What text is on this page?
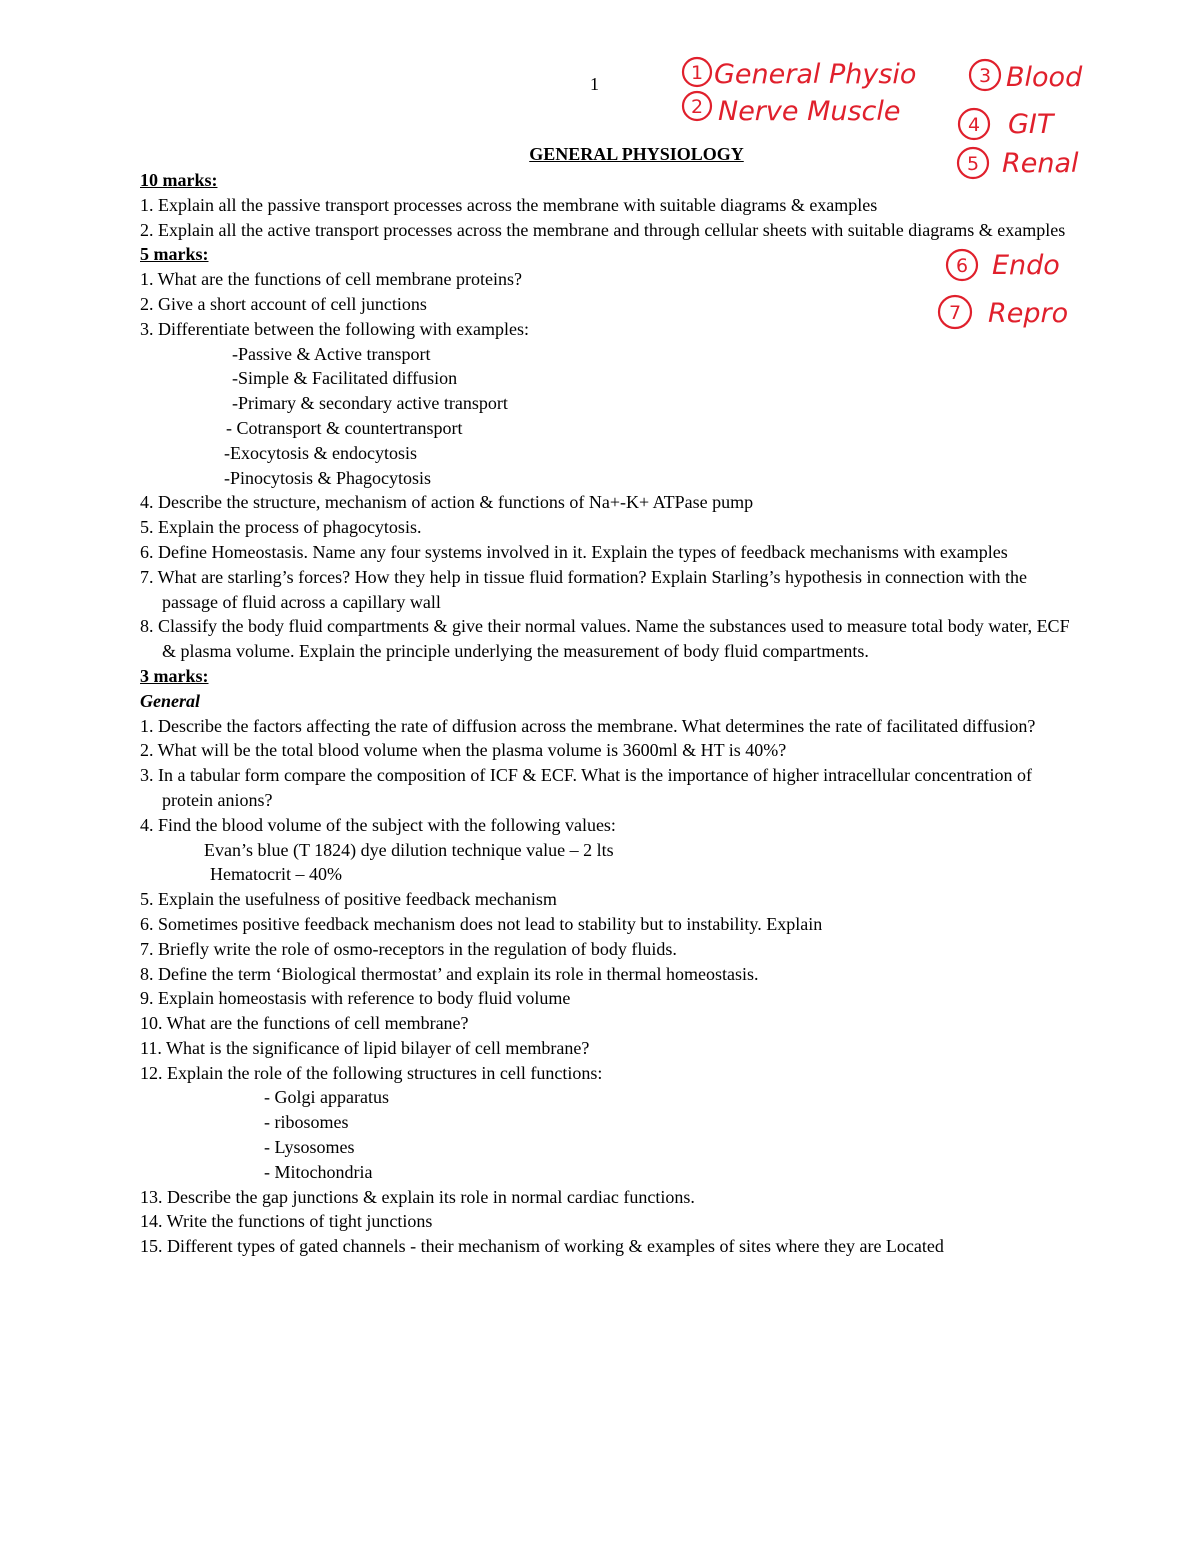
1	1 General Physio
2 Nerve Muscle
3 Blood
4 GIT
5 Renal
6 Endo
7 Repro
GENERAL PHYSIOLOGY
10 marks:
1. Explain all the passive transport processes across the membrane with suitable diagrams & examples
2. Explain all the active transport processes across the membrane and through cellular sheets with suitable diagrams & examples
5 marks:
1. What are the functions of cell membrane proteins?
2. Give a short account of cell junctions
3. Differentiate between the following with examples:
-Passive & Active transport
-Simple & Facilitated diffusion
-Primary & secondary active transport
- Cotransport & countertransport
-Exocytosis & endocytosis
-Pinocytosis & Phagocytosis
4. Describe the structure, mechanism of action & functions of Na+-K+ ATPase pump
5. Explain the process of phagocytosis.
6. Define Homeostasis. Name any four systems involved in it. Explain the types of feedback mechanisms with examples
7. What are starling’s forces? How they help in tissue fluid formation? Explain Starling’s hypothesis in connection with the passage of fluid across a capillary wall
8. Classify the body fluid compartments & give their normal values. Name the substances used to measure total body water, ECF & plasma volume. Explain the principle underlying the measurement of body fluid compartments.
3 marks:
General
1. Describe the factors affecting the rate of diffusion across the membrane. What determines the rate of facilitated diffusion?
2. What will be the total blood volume when the plasma volume is 3600ml & HT is 40%?
3. In a tabular form compare the composition of ICF & ECF. What is the importance of higher intracellular concentration of protein anions?
4. Find the blood volume of the subject with the following values:
Evan’s blue (T 1824) dye dilution technique value – 2 lts
Hematocrit – 40%
5. Explain the usefulness of positive feedback mechanism
6. Sometimes positive feedback mechanism does not lead to stability but to instability. Explain
7. Briefly write the role of osmo-receptors in the regulation of body fluids.
8. Define the term ‘Biological thermostat’ and explain its role in thermal homeostasis.
9. Explain homeostasis with reference to body fluid volume
10. What are the functions of cell membrane?
11. What is the significance of lipid bilayer of cell membrane?
12. Explain the role of the following structures in cell functions:
- Golgi apparatus
- ribosomes
- Lysosomes
- Mitochondria
13. Describe the gap junctions & explain its role in normal cardiac functions.
14. Write the functions of tight junctions
15. Different types of gated channels - their mechanism of working & examples of sites where they are Located
